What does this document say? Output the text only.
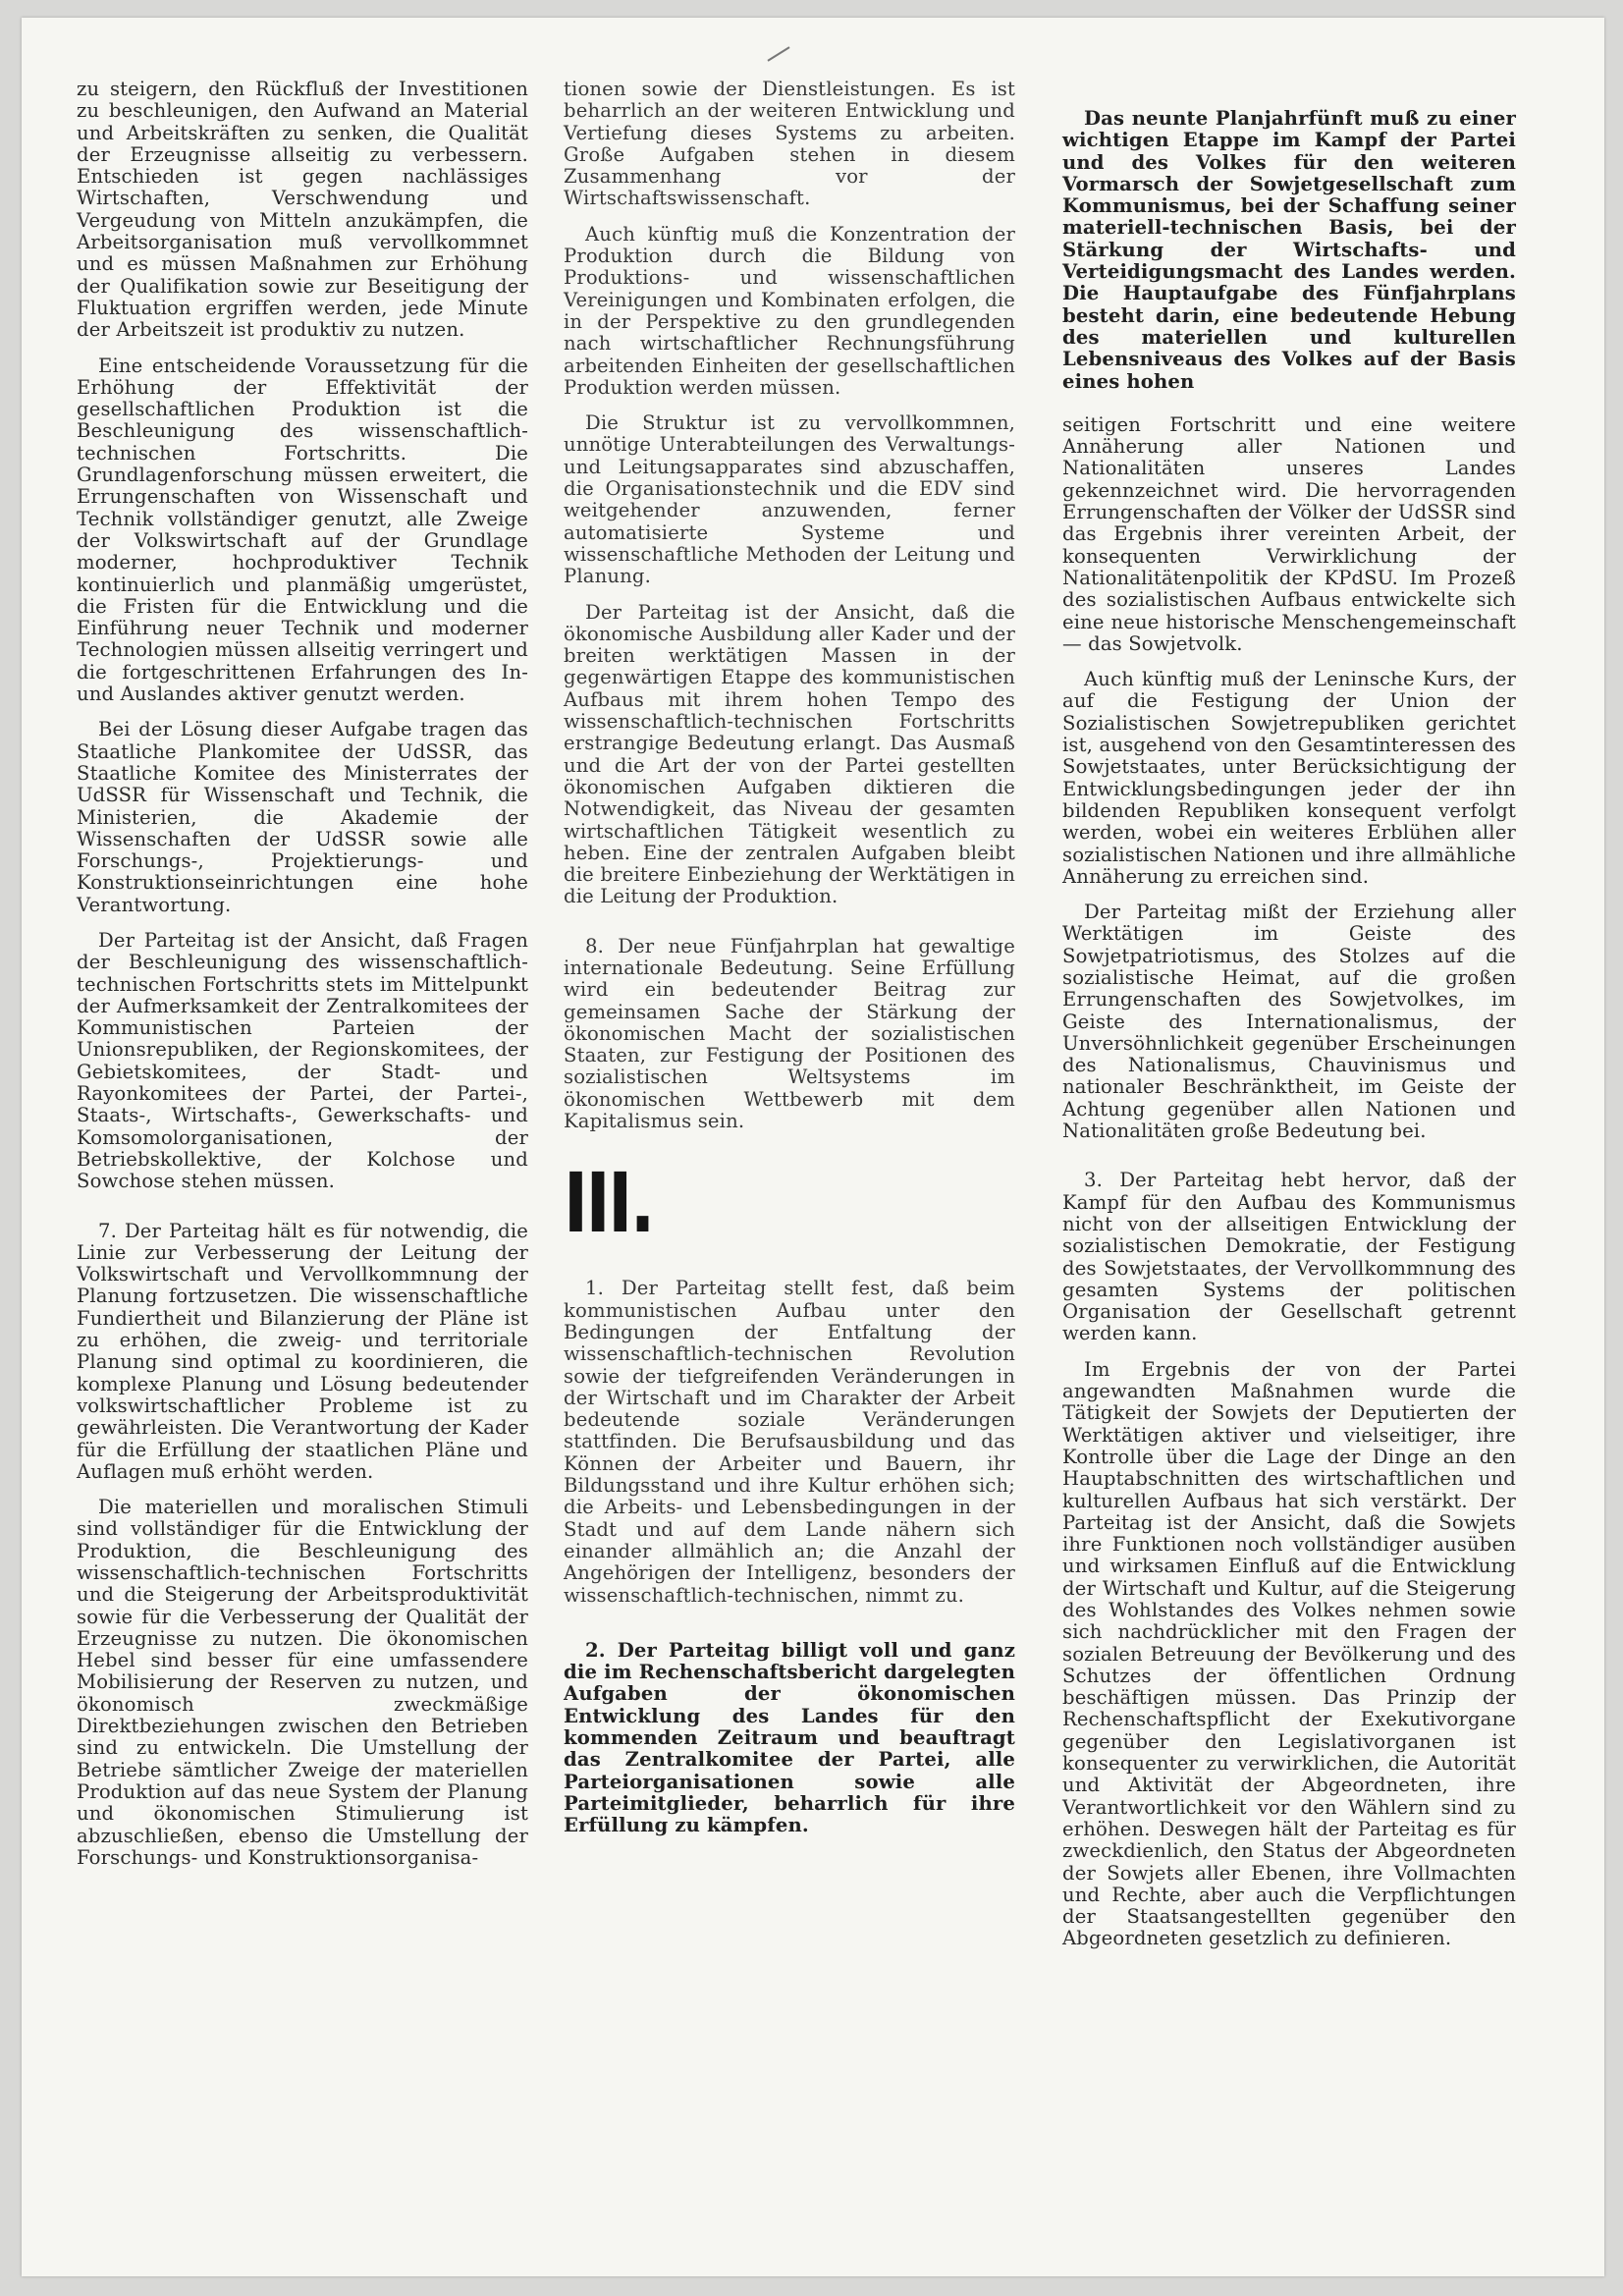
zu steigern, den Rückfluß der Investitionen zu beschleunigen, den Aufwand an Material und Arbeitskräften zu senken, die Qualität der Erzeugnisse allseitig zu verbessern. Entschieden ist gegen nachlässiges Wirtschaften, Verschwendung und Vergeudung von Mitteln anzukämpfen, die Arbeitsorganisation muß vervollkommnet und es müssen Maßnahmen zur Erhöhung der Qualifikation sowie zur Beseitigung der Fluktuation ergriffen werden, jede Minute der Arbeitszeit ist produktiv zu nutzen.

Eine entscheidende Voraussetzung für die Erhöhung der Effektivität der gesellschaftlichen Produktion ist die Beschleunigung des wissenschaftlich-technischen Fortschritts. Die Grundlagenforschung müssen erweitert, die Errungenschaften von Wissenschaft und Technik vollständiger genutzt, alle Zweige der Volkswirtschaft auf der Grundlage moderner, hochproduktiver Technik kontinuierlich und planmäßig umgerüstet, die Fristen für die Entwicklung und die Einführung neuer Technik und moderner Technologien müssen allseitig verringert und die fortgeschrittenen Erfahrungen des In- und Auslandes aktiver genutzt werden.

Bei der Lösung dieser Aufgabe tragen das Staatliche Plankomitee der UdSSR, das Staatliche Komitee des Ministerrates der UdSSR für Wissenschaft und Technik, die Ministerien, die Akademie der Wissenschaften der UdSSR sowie alle Forschungs-, Projektierungs- und Konstruktionseinrichtungen eine hohe Verantwortung.

Der Parteitag ist der Ansicht, daß Fragen der Beschleunigung des wissenschaftlich-technischen Fortschritts stets im Mittelpunkt der Aufmerksamkeit der Zentralkomitees der Kommunistischen Parteien der Unionsrepubliken, der Regionskomitees, der Gebietskomitees, der Stadt- und Rayonkomitees der Partei, der Partei-, Staats-, Wirtschafts-, Gewerkschafts- und Komsomolorganisationen, der Betriebskollektive, der Kolchose und Sowchose stehen müssen.

7. Der Parteitag hält es für notwendig, die Linie zur Verbesserung der Leitung der Volkswirtschaft und Vervollkommnung der Planung fortzusetzen. Die wissenschaftliche Fundiertheit und Bilanzierung der Pläne ist zu erhöhen, die zweig- und territoriale Planung sind optimal zu koordinieren, die komplexe Planung und Lösung bedeutender volkswirtschaftlicher Probleme ist zu gewährleisten. Die Verantwortung der Kader für die Erfüllung der staatlichen Pläne und Auflagen muß erhöht werden.

Die materiellen und moralischen Stimuli sind vollständiger für die Entwicklung der Produktion, die Beschleunigung des wissenschaftlich-technischen Fortschritts und die Steigerung der Arbeitsproduktivität sowie für die Verbesserung der Qualität der Erzeugnisse zu nutzen. Die ökonomischen Hebel sind besser für eine umfassendere Mobilisierung der Reserven zu nutzen, und ökonomisch zweckmäßige Direktbeziehungen zwischen den Betrieben sind zu entwickeln. Die Umstellung der Betriebe sämtlicher Zweige der materiellen Produktion auf das neue System der Planung und ökonomischen Stimulierung ist abzuschließen, ebenso die Umstellung der Forschungs- und Konstruktionsorganisa-

tionen sowie der Dienstleistungen. Es ist beharrlich an der weiteren Entwicklung und Vertiefung dieses Systems zu arbeiten. Große Aufgaben stehen in diesem Zusammenhang vor der Wirtschaftswissenschaft.

Auch künftig muß die Konzentration der Produktion durch die Bildung von Produktions- und wissenschaftlichen Vereinigungen und Kombinaten erfolgen, die in der Perspektive zu den grundlegenden nach wirtschaftlicher Rechnungsführung arbeitenden Einheiten der gesellschaftlichen Produktion werden müssen.

Die Struktur ist zu vervollkommnen, unnötige Unterabteilungen des Verwaltungs- und Leitungsapparates sind abzuschaffen, die Organisationstechnik und die EDV sind weitgehender anzuwenden, ferner automatisierte Systeme und wissenschaftliche Methoden der Leitung und Planung.

Der Parteitag ist der Ansicht, daß die ökonomische Ausbildung aller Kader und der breiten werktätigen Massen in der gegenwärtigen Etappe des kommunistischen Aufbaus mit ihrem hohen Tempo des wissenschaftlich-technischen Fortschritts erstrangige Bedeutung erlangt. Das Ausmaß und die Art der von der Partei gestellten ökonomischen Aufgaben diktieren die Notwendigkeit, das Niveau der gesamten wirtschaftlichen Tätigkeit wesentlich zu heben. Eine der zentralen Aufgaben bleibt die breitere Einbeziehung der Werktätigen in die Leitung der Produktion.

8. Der neue Fünfjahrplan hat gewaltige internationale Bedeutung. Seine Erfüllung wird ein bedeutender Beitrag zur gemeinsamen Sache der Stärkung der ökonomischen Macht der sozialistischen Staaten, zur Festigung der Positionen des sozialistischen Weltsystems im ökonomischen Wettbewerb mit dem Kapitalismus sein.

III.

1. Der Parteitag stellt fest, daß beim kommunistischen Aufbau unter den Bedingungen der Entfaltung der wissenschaftlich-technischen Revolution sowie der tiefgreifenden Veränderungen in der Wirtschaft und im Charakter der Arbeit bedeutende soziale Veränderungen stattfinden. Die Berufsausbildung und das Können der Arbeiter und Bauern, ihr Bildungsstand und ihre Kultur erhöhen sich; die Arbeits- und Lebensbedingungen in der Stadt und auf dem Lande nähern sich einander allmählich an; die Anzahl der Angehörigen der Intelligenz, besonders der wissenschaftlich-technischen, nimmt zu.

2. Der Parteitag billigt voll und ganz die im Rechenschaftsbericht dargelegten Aufgaben der ökonomischen Entwicklung des Landes für den kommenden Zeitraum und beauftragt das Zentralkomitee der Partei, alle Parteiorganisationen sowie alle Parteimitglieder, beharrlich für ihre Erfüllung zu kämpfen.

Das neunte Planjahrfünft muß zu einer wichtigen Etappe im Kampf der Partei und des Volkes für den weiteren Vormarsch der Sowjetgesellschaft zum Kommunismus, bei der Schaffung seiner materiell-technischen Basis, bei der Stärkung der Wirtschafts- und Verteidigungsmacht des Landes werden. Die Hauptaufgabe des Fünfjahrplans besteht darin, eine bedeutende Hebung des materiellen und kulturellen Lebensniveaus des Volkes auf der Basis eines hohen

seitigen Fortschritt und eine weitere Annäherung aller Nationen und Nationalitäten unseres Landes gekennzeichnet wird. Die hervorragenden Errungenschaften der Völker der UdSSR sind das Ergebnis ihrer vereinten Arbeit, der konsequenten Verwirklichung der Nationalitätenpolitik der KPdSU. Im Prozeß des sozialistischen Aufbaus entwickelte sich eine neue historische Menschengemeinschaft — das Sowjetvolk.

Auch künftig muß der Leninsche Kurs, der auf die Festigung der Union der Sozialistischen Sowjetrepubliken gerichtet ist, ausgehend von den Gesamtinteressen des Sowjetstaates, unter Berücksichtigung der Entwicklungsbedingungen jeder der ihn bildenden Republiken konsequent verfolgt werden, wobei ein weiteres Erblühen aller sozialistischen Nationen und ihre allmähliche Annäherung zu erreichen sind.

Der Parteitag mißt der Erziehung aller Werktätigen im Geiste des Sowjetpatriotismus, des Stolzes auf die sozialistische Heimat, auf die großen Errungenschaften des Sowjetvolkes, im Geiste des Internationalismus, der Unversöhnlichkeit gegenüber Erscheinungen des Nationalismus, Chauvinismus und nationaler Beschränktheit, im Geiste der Achtung gegenüber allen Nationen und Nationalitäten große Bedeutung bei.

3. Der Parteitag hebt hervor, daß der Kampf für den Aufbau des Kommunismus nicht von der allseitigen Entwicklung der sozialistischen Demokratie, der Festigung des Sowjetstaates, der Vervollkommnung des gesamten Systems der politischen Organisation der Gesellschaft getrennt werden kann.

Im Ergebnis der von der Partei angewandten Maßnahmen wurde die Tätigkeit der Sowjets der Deputierten der Werktätigen aktiver und vielseitiger, ihre Kontrolle über die Lage der Dinge an den Hauptabschnitten des wirtschaftlichen und kulturellen Aufbaus hat sich verstärkt. Der Parteitag ist der Ansicht, daß die Sowjets ihre Funktionen noch vollständiger ausüben und wirksamen Einfluß auf die Entwicklung der Wirtschaft und Kultur, auf die Steigerung des Wohlstandes des Volkes nehmen sowie sich nachdrücklicher mit den Fragen der sozialen Betreuung der Bevölkerung und des Schutzes der öffentlichen Ordnung beschäftigen müssen. Das Prinzip der Rechenschaftspflicht der Exekutivorgane gegenüber den Legislativorganen ist konsequenter zu verwirklichen, die Autorität und Aktivität der Abgeordneten, ihre Verantwortlichkeit vor den Wählern sind zu erhöhen. Deswegen hält der Parteitag es für zweckdienlich, den Status der Abgeordneten der Sowjets aller Ebenen, ihre Vollmachten und Rechte, aber auch die Verpflichtungen der Staatsangestellten gegenüber den Abgeordneten gesetzlich zu definieren.
